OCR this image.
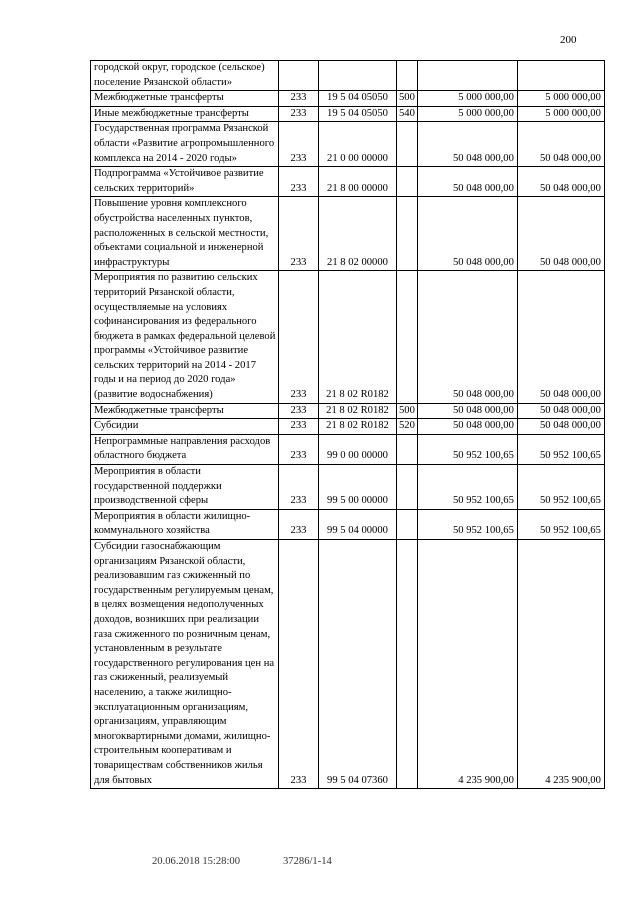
200
городской округ, городское (сельское) поселение Рязанской области»					
Межбюджетные трансферты	233	19 5 04 05050	500	5 000 000,00	5 000 000,00
Иные межбюджетные трансферты	233	19 5 04 05050	540	5 000 000,00	5 000 000,00
Государственная программа Рязанской области «Развитие агропромышленного комплекса на 2014 - 2020 годы»	233	21 0 00 00000		50 048 000,00	50 048 000,00
Подпрограмма «Устойчивое развитие сельских территорий»	233	21 8 00 00000		50 048 000,00	50 048 000,00
Повышение уровня комплексного обустройства населенных пунктов, расположенных в сельской местности, объектами социальной и инженерной инфраструктуры	233	21 8 02 00000		50 048 000,00	50 048 000,00
Мероприятия по развитию сельских территорий Рязанской области, осуществляемые на условиях софинансирования из федерального бюджета в рамках федеральной целевой программы «Устойчивое развитие сельских территорий на 2014 - 2017 годы и на период до 2020 года» (развитие водоснабжения)	233	21 8 02 R0182		50 048 000,00	50 048 000,00
Межбюджетные трансферты	233	21 8 02 R0182	500	50 048 000,00	50 048 000,00
Субсидии	233	21 8 02 R0182	520	50 048 000,00	50 048 000,00
Непрограммные направления расходов областного бюджета	233	99 0 00 00000		50 952 100,65	50 952 100,65
Мероприятия в области государственной поддержки производственной сферы	233	99 5 00 00000		50 952 100,65	50 952 100,65
Мероприятия в области жилищно-коммунального хозяйства	233	99 5 04 00000		50 952 100,65	50 952 100,65
Субсидии газоснабжающим организациям Рязанской области, реализовавшим газ сжиженный по государственным регулируемым ценам, в целях возмещения недополученных доходов, возникших при реализации газа сжиженного по розничным ценам, установленным в результате государственного регулирования цен на газ сжиженный, реализуемый населению, а также жилищно-эксплуатационным организациям, организациям, управляющим многоквартирными домами, жилищно-строительным кооперативам и товариществам собственников жилья для бытовых	233	99 5 04 07360		4 235 900,00	4 235 900,00
20.06.2018 15:28:00	37286/1-14
